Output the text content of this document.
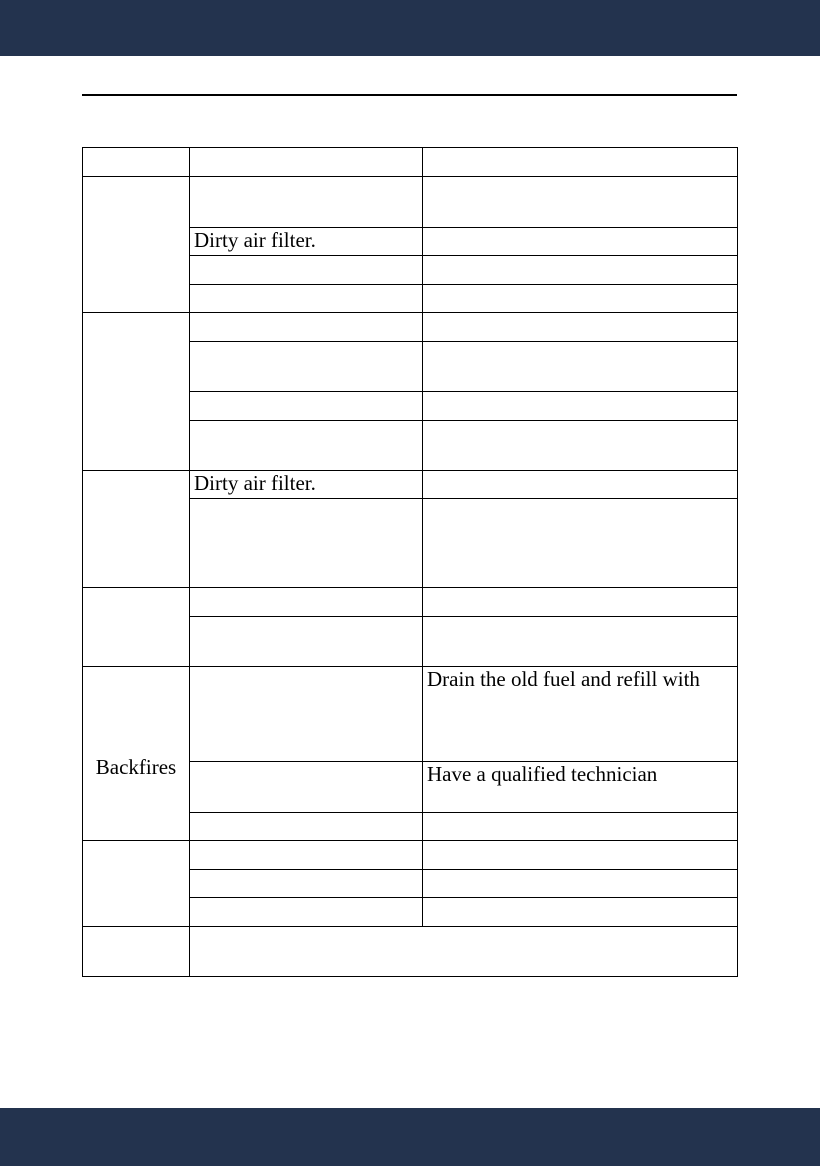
	Dirty air filter.	

	Dirty air filter.	

Backfires		Drain the old fuel and refill with
		Have a qualified technician
